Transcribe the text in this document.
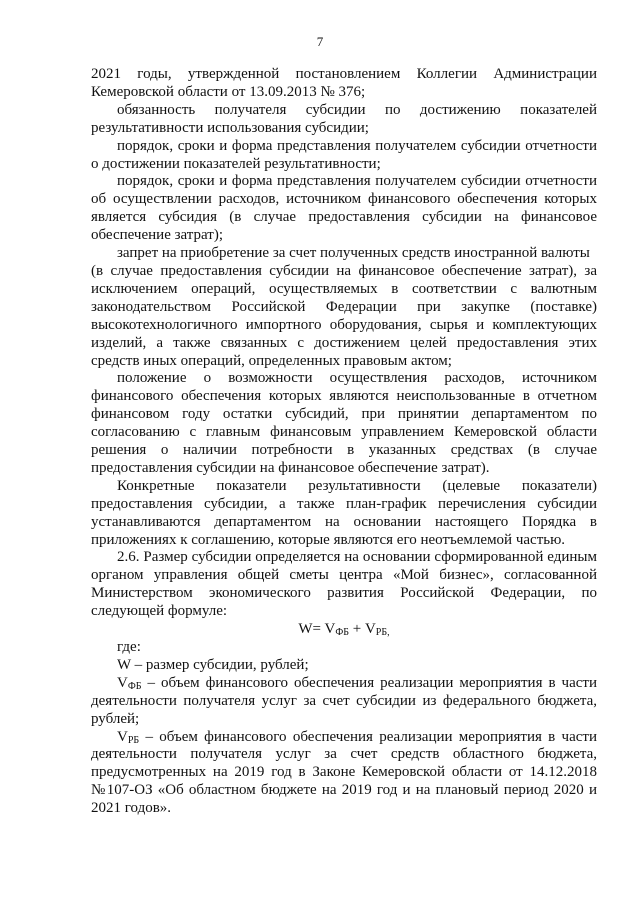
7

2021 годы, утвержденной постановлением Коллегии Администрации Кемеровской области от 13.09.2013 № 376;

обязанность получателя субсидии по достижению показателей результативности использования субсидии;

порядок, сроки и форма представления получателем субсидии отчетности о достижении показателей результативности;

порядок, сроки и форма представления получателем субсидии отчетности об осуществлении расходов, источником финансового обеспечения которых является субсидия (в случае предоставления субсидии на финансовое обеспечение затрат);

запрет на приобретение за счет полученных средств иностранной валюты

(в случае предоставления субсидии на финансовое обеспечение затрат), за исключением операций, осуществляемых в соответствии с валютным законодательством Российской Федерации при закупке (поставке) высокотехнологичного импортного оборудования, сырья и комплектующих изделий, а также связанных с достижением целей предоставления этих средств иных операций, определенных правовым актом;

положение о возможности осуществления расходов, источником финансового обеспечения которых являются неиспользованные в отчетном финансовом году остатки субсидий, при принятии департаментом по согласованию с главным финансовым управлением Кемеровской области решения о наличии потребности в указанных средствах (в случае предоставления субсидии на финансовое обеспечение затрат).

Конкретные показатели результативности (целевые показатели) предоставления субсидии, а также план-график перечисления субсидии устанавливаются департаментом на основании настоящего Порядка в приложениях к соглашению, которые являются его неотъемлемой частью.

2.6. Размер субсидии определяется на основании сформированной единым органом управления общей сметы центра «Мой бизнес», согласованной Министерством экономического развития Российской Федерации, по следующей формуле:

$W= V_{ФБ} + V_{РБ,}$

где:

W – размер субсидии, рублей;

$V_{ФБ}$ – объем финансового обеспечения реализации мероприятия в части деятельности получателя услуг за счет субсидии из федерального бюджета, рублей;

$V_{РБ}$ – объем финансового обеспечения реализации мероприятия в части деятельности получателя услуг за счет средств областного бюджета, предусмотренных на 2019 год в Законе Кемеровской области от 14.12.2018 №107-ОЗ «Об областном бюджете на 2019 год и на плановый период 2020 и 2021 годов».
